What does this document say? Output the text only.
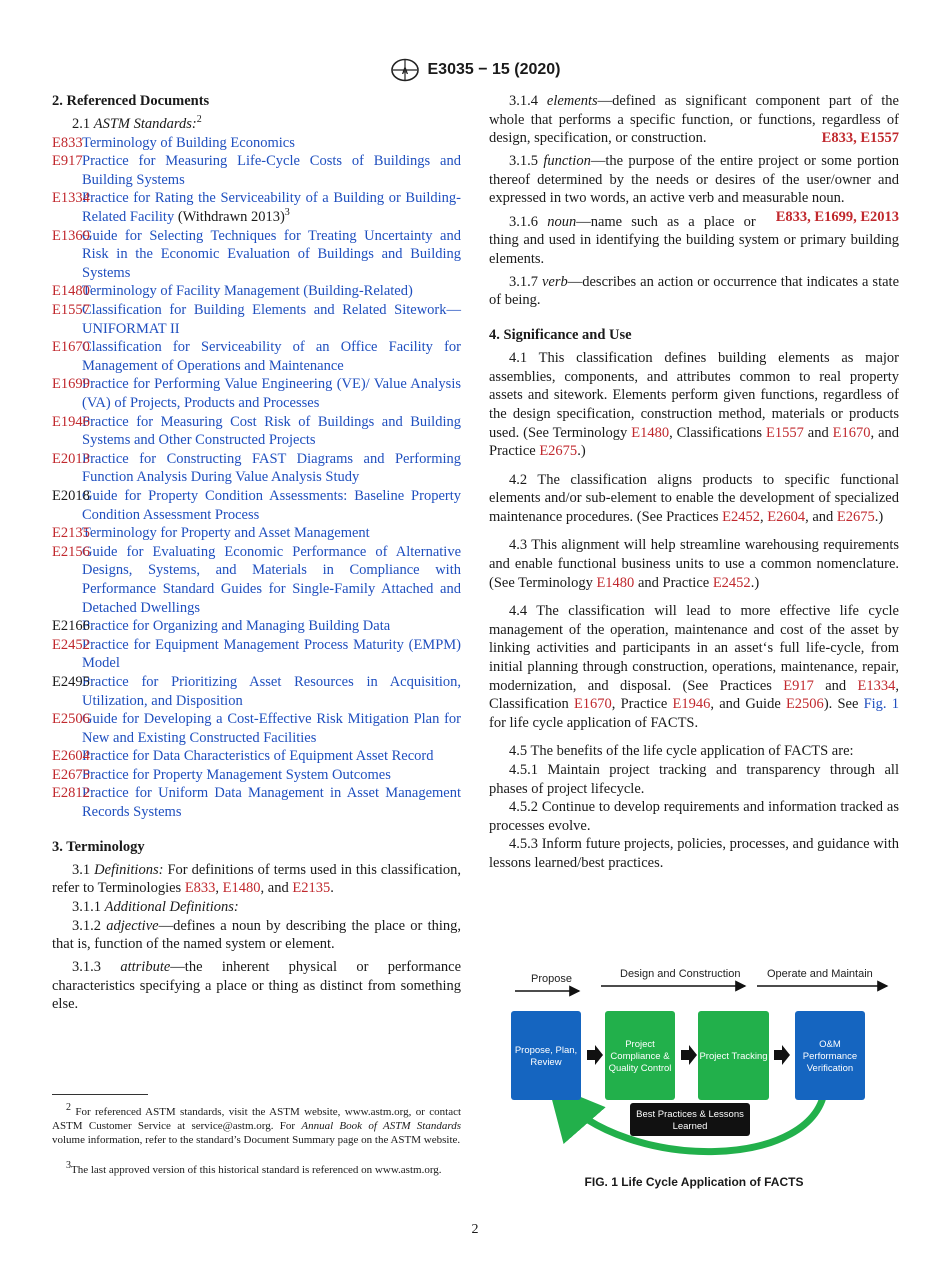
A E3035 − 15 (2020)

2. Referenced Documents

2.1 ASTM Standards:$^2$

E833 Terminology of Building Economics
E917 Practice for Measuring Life-Cycle Costs of Buildings and Building Systems
E1334
Practice for Rating the Serviceability of a Building or Building-Related Facility (Withdrawn 2013)$^3$
E1369
Guide for Selecting Techniques for Treating Uncertainty and Risk in the Economic Evaluation of Buildings and Building Systems
E1480
Terminology of Facility Management (Building-Related)
E1557
Classification for Building Elements and Related Sitework—UNIFORMAT II
E1670
Classification for Serviceability of an Office Facility for Management of Operations and Maintenance
E1699
Practice for Performing Value Engineering (VE)/ Value Analysis (VA) of Projects, Products and Processes
E1946
Practice for Measuring Cost Risk of Buildings and Building Systems and Other Constructed Projects
E2013
Practice for Constructing FAST Diagrams and Performing Function Analysis During Value Analysis Study
E2018
Guide for Property Condition Assessments: Baseline Property Condition Assessment Process
E2135
Terminology for Property and Asset Management
E2156
Guide for Evaluating Economic Performance of Alternative Designs, Systems, and Materials in Compliance with Performance Standard Guides for Single-Family Attached and Detached Dwellings
E2166
Practice for Organizing and Managing Building Data
E2452
Practice for Equipment Management Process Maturity (EMPM) Model
E2495
Practice for Prioritizing Asset Resources in Acquisition, Utilization, and Disposition
E2506
Guide for Developing a Cost-Effective Risk Mitigation Plan for New and Existing Constructed Facilities
E2604
Practice for Data Characteristics of Equipment Asset Record
E2675
Practice for Property Management System Outcomes
E2812
Practice for Uniform Data Management in Asset Management Records Systems

3. Terminology

3.1 Definitions: For definitions of terms used in this classification, refer to Terminologies E833, E1480, and E2135.

3.1.1 Additional Definitions:

3.1.2 adjective—defines a noun by describing the place or thing, that is, function of the named system or element.

3.1.3 attribute—the inherent physical or performance characteristics specifying a place or thing as distinct from something else.

2 For referenced ASTM standards, visit the ASTM website, www.astm.org, or contact ASTM Customer Service at service@astm.org. For Annual Book of ASTM Standards volume information, refer to the standard’s Document Summary page on the ASTM website.
3The last approved version of this historical standard is referenced on www.astm.org.

3.1.4 elements—defined as significant component part of the whole that performs a specific function, or functions, regardless of design, specification, or construction.	E833, E1557

3.1.5 function—the purpose of the entire project or some portion thereof determined by the needs or desires of the user/owner and expressed in two words, an active verb and measurable noun.
E833, E1699, E2013

3.1.6 noun—name such as a place or thing and used in identifying the building system or primary building elements.

3.1.7 verb—describes an action or occurrence that indicates a state of being.

4. Significance and Use

4.1 This classification defines building elements as major assemblies, components, and attributes common to real property assets and sitework. Elements perform given functions, regardless of the design specification, construction method, materials or products used. (See Terminology E1480, Classifications E1557 and E1670, and Practice E2675.)

4.2 The classification aligns products to specific functional elements and/or sub-element to enable the development of specialized maintenance procedures. (See Practices E2452, E2604, and E2675.)

4.3 This alignment will help streamline warehousing requirements and enable functional business units to use a common nomenclature. (See Terminology E1480 and Practice E2452.)

4.4 The classification will lead to more effective life cycle management of the operation, maintenance and cost of the asset by linking activities and participants in an asset‘s full life-cycle, from initial planning through construction, operations, maintenance, repair, modernization, and disposal. (See Practices E917 and E1334, Classification E1670, Practice E1946, and Guide E2506). See Fig. 1 for life cycle application of FACTS.

4.5 The benefits of the life cycle application of FACTS are:

4.5.1 Maintain project tracking and transparency through all phases of project lifecycle.

4.5.2 Continue to develop requirements and information tracked as processes evolve.

4.5.3 Inform future projects, policies, processes, and guidance with lessons learned/best practices.

Propose	Design and Construction Operate and Maintain
Propose, Plan, Review
Project Compliance & Quality Control
Project Tracking
O&M Performance Verification
Best Practices & Lessons Learned
FIG. 1 Life Cycle Application of FACTS
2
